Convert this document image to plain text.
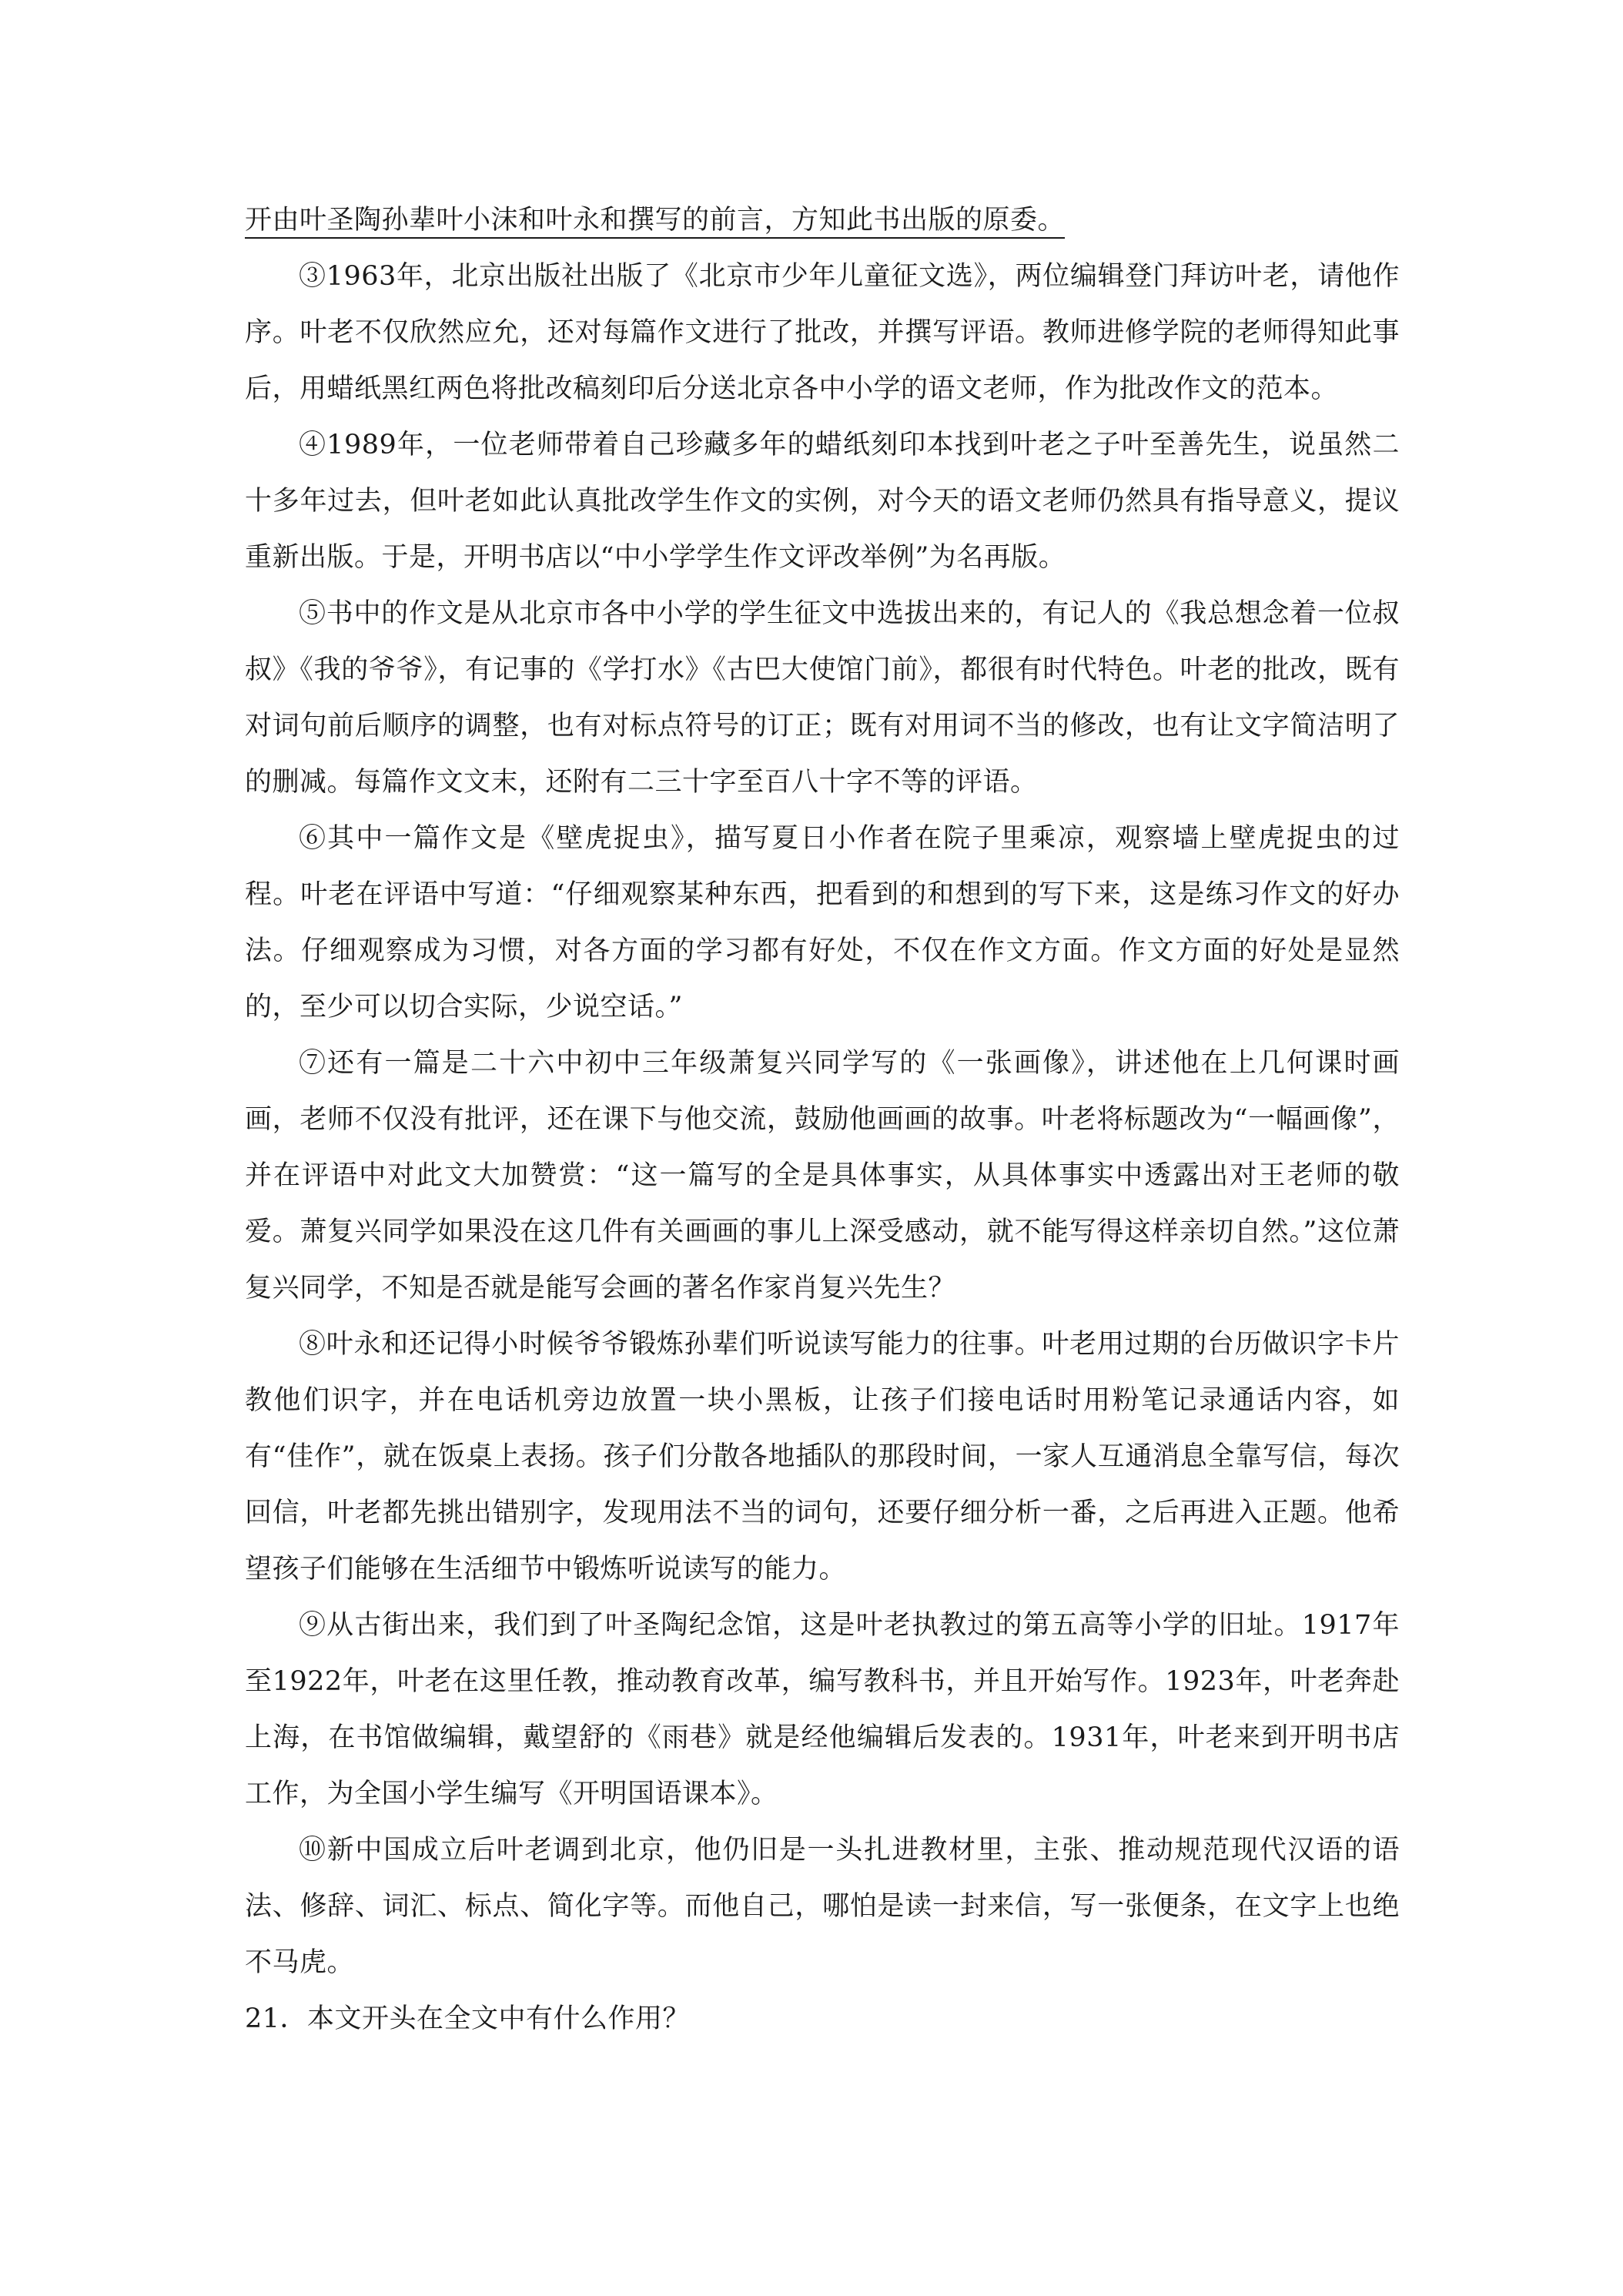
开由叶圣陶孙辈叶小沫和叶永和撰写的前言，方知此书出版的原委。

③1963年，北京出版社出版了《北京市少年儿童征文选》，两位编辑登门拜访叶老，请他作序。叶老不仅欣然应允，还对每篇作文进行了批改，并撰写评语。教师进修学院的老师得知此事后，用蜡纸黑红两色将批改稿刻印后分送北京各中小学的语文老师，作为批改作文的范本。

④1989年，一位老师带着自己珍藏多年的蜡纸刻印本找到叶老之子叶至善先生，说虽然二十多年过去，但叶老如此认真批改学生作文的实例，对今天的语文老师仍然具有指导意义，提议重新出版。于是，开明书店以“中小学学生作文评改举例”为名再版。

⑤书中的作文是从北京市各中小学的学生征文中选拔出来的，有记人的《我总想念着一位叔叔》《我的爷爷》，有记事的《学打水》《古巴大使馆门前》，都很有时代特色。叶老的批改，既有对词句前后顺序的调整，也有对标点符号的订正；既有对用词不当的修改，也有让文字简洁明了的删减。每篇作文文末，还附有二三十字至百八十字不等的评语。

⑥其中一篇作文是《壁虎捉虫》，描写夏日小作者在院子里乘凉，观察墙上壁虎捉虫的过程。叶老在评语中写道：“仔细观察某种东西，把看到的和想到的写下来，这是练习作文的好办法。仔细观察成为习惯，对各方面的学习都有好处，不仅在作文方面。作文方面的好处是显然的，至少可以切合实际，少说空话。”

⑦还有一篇是二十六中初中三年级萧复兴同学写的《一张画像》，讲述他在上几何课时画画，老师不仅没有批评，还在课下与他交流，鼓励他画画的故事。叶老将标题改为“一幅画像”，并在评语中对此文大加赞赏：“这一篇写的全是具体事实，从具体事实中透露出对王老师的敬爱。萧复兴同学如果没在这几件有关画画的事儿上深受感动，就不能写得这样亲切自然。”这位萧复兴同学，不知是否就是能写会画的著名作家肖复兴先生？

⑧叶永和还记得小时候爷爷锻炼孙辈们听说读写能力的往事。叶老用过期的台历做识字卡片教他们识字，并在电话机旁边放置一块小黑板，让孩子们接电话时用粉笔记录通话内容，如有“佳作”，就在饭桌上表扬。孩子们分散各地插队的那段时间，一家人互通消息全靠写信，每次回信，叶老都先挑出错别字，发现用法不当的词句，还要仔细分析一番，之后再进入正题。他希望孩子们能够在生活细节中锻炼听说读写的能力。

⑨从古街出来，我们到了叶圣陶纪念馆，这是叶老执教过的第五高等小学的旧址。1917年至1922年，叶老在这里任教，推动教育改革，编写教科书，并且开始写作。1923年，叶老奔赴上海，在书馆做编辑，戴望舒的《雨巷》就是经他编辑后发表的。1931年，叶老来到开明书店工作，为全国小学生编写《开明国语课本》。

⑩新中国成立后叶老调到北京，他仍旧是一头扎进教材里，主张、推动规范现代汉语的语法、修辞、词汇、标点、简化字等。而他自己，哪怕是读一封来信，写一张便条，在文字上也绝不马虎。

21．本文开头在全文中有什么作用？
